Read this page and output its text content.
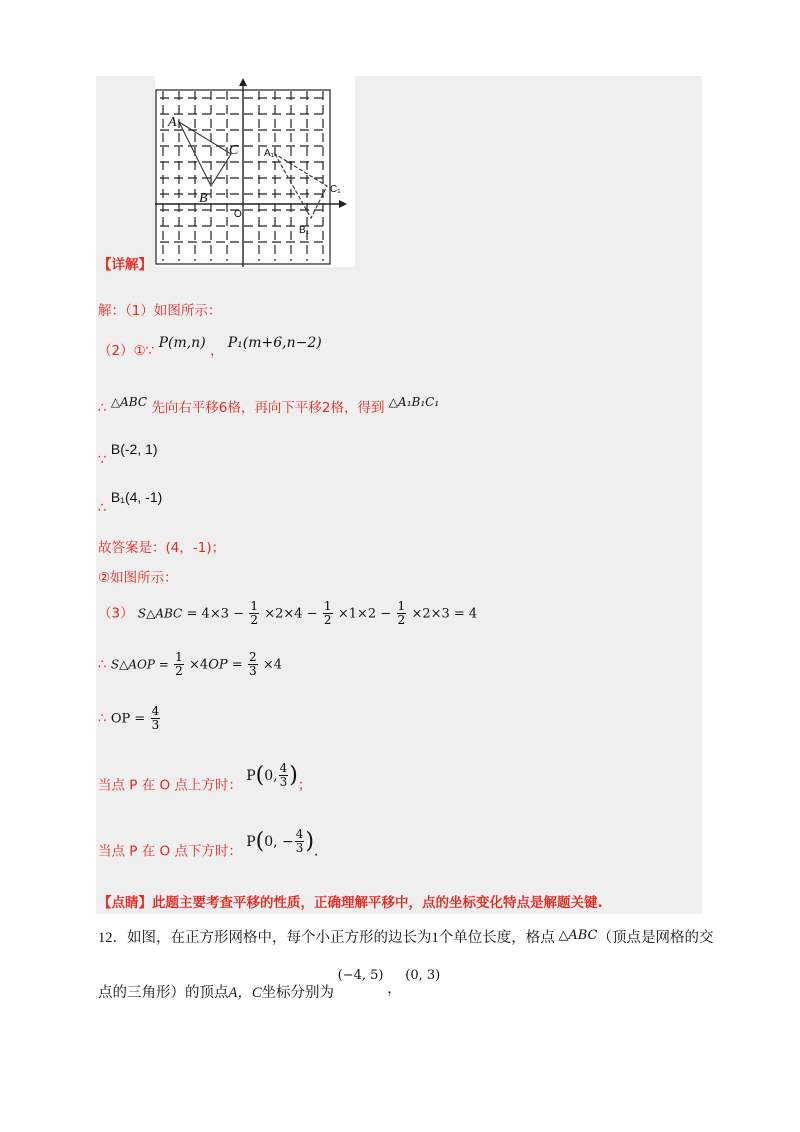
A
B
C
O
A₁
B₁
C₁
【详解】
解：（1）如图所示：
（2）①∵ P(m,n) ， P₁(m+6,n−2)
∴ △ABC 先向右平移6格，再向下平移2格，得到 △A₁B₁C₁
∵ B(-2, 1)
∴ B₁(4, -1)
故答案是：(4，-1)；
②如图所示：
（3） S△ABC = $4\times 3 - \frac{1}{2} \times 2\times 4 - \frac{1}{2} \times 1\times 2 - \frac{1}{2} \times 2\times 3 = 4$
∴ S△AOP = $\frac{1}{2} \times 4OP = \frac{2}{3} \times 4$
∴ OP = $\frac{4}{3}$
当点 P 在 O 点上方时： P(0, $\frac{4}{3}$ )；
当点 P 在 O 点下方时： P(0, − $\frac{4}{3}$ ).
【点睛】此题主要考查平移的性质，正确理解平移中，点的坐标变化特点是解题关键.
12．如图，在正方形网格中，每个小正方形的边长为1个单位长度，格点 △ABC（顶点是网格的交
点的三角形）的顶点A，C坐标分别为 (−4, 5) ， (0, 3)
